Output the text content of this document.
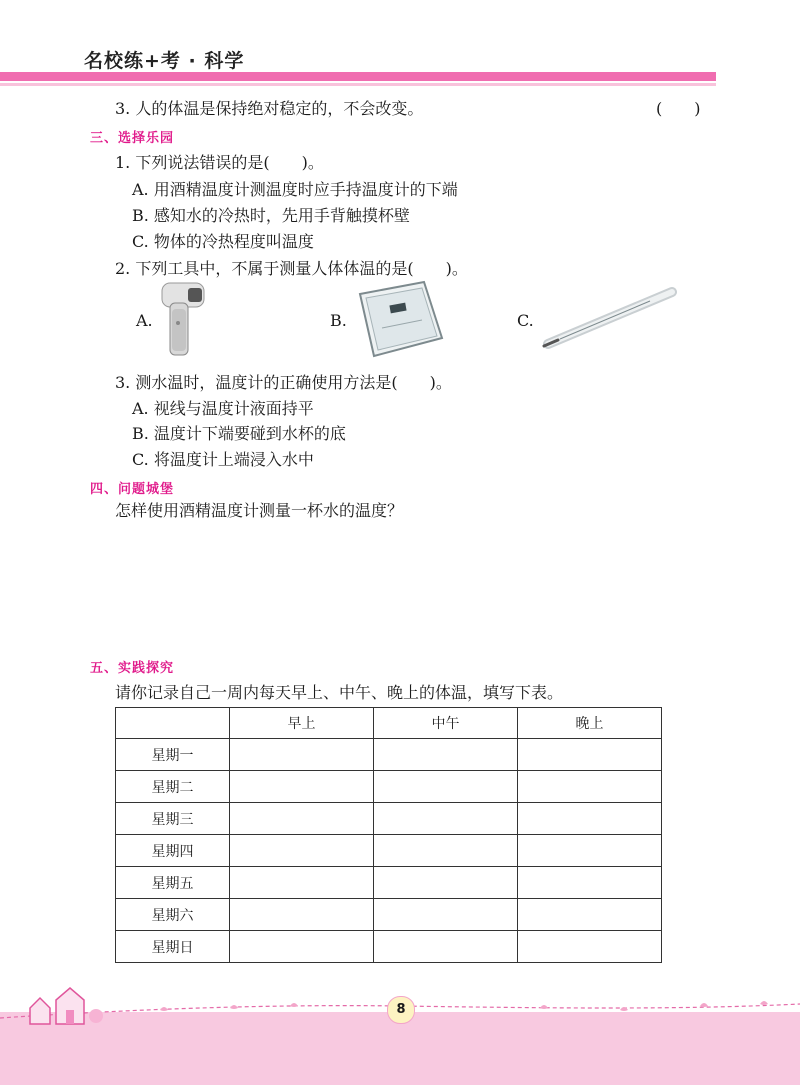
名校练+考 · 科学
3. 人的体温是保持绝对稳定的，不会改变。	(　　)
三、选择乐园
1. 下列说法错误的是(　　)。
A. 用酒精温度计测温度时应手持温度计的下端
B. 感知水的冷热时，先用手背触摸杯壁
C. 物体的冷热程度叫温度
2. 下列工具中，不属于测量人体体温的是(　　)。
A.	B.	C.
3. 测水温时，温度计的正确使用方法是(　　)。
A. 视线与温度计液面持平
B. 温度计下端要碰到水杯的底
C. 将温度计上端浸入水中
四、问题城堡
怎样使用酒精温度计测量一杯水的温度？
五、实践探究
请你记录自己一周内每天早上、中午、晚上的体温，填写下表。
	早上	中午	晚上
星期一			
星期二			
星期三			
星期四			
星期五			
星期六			
星期日			
8
